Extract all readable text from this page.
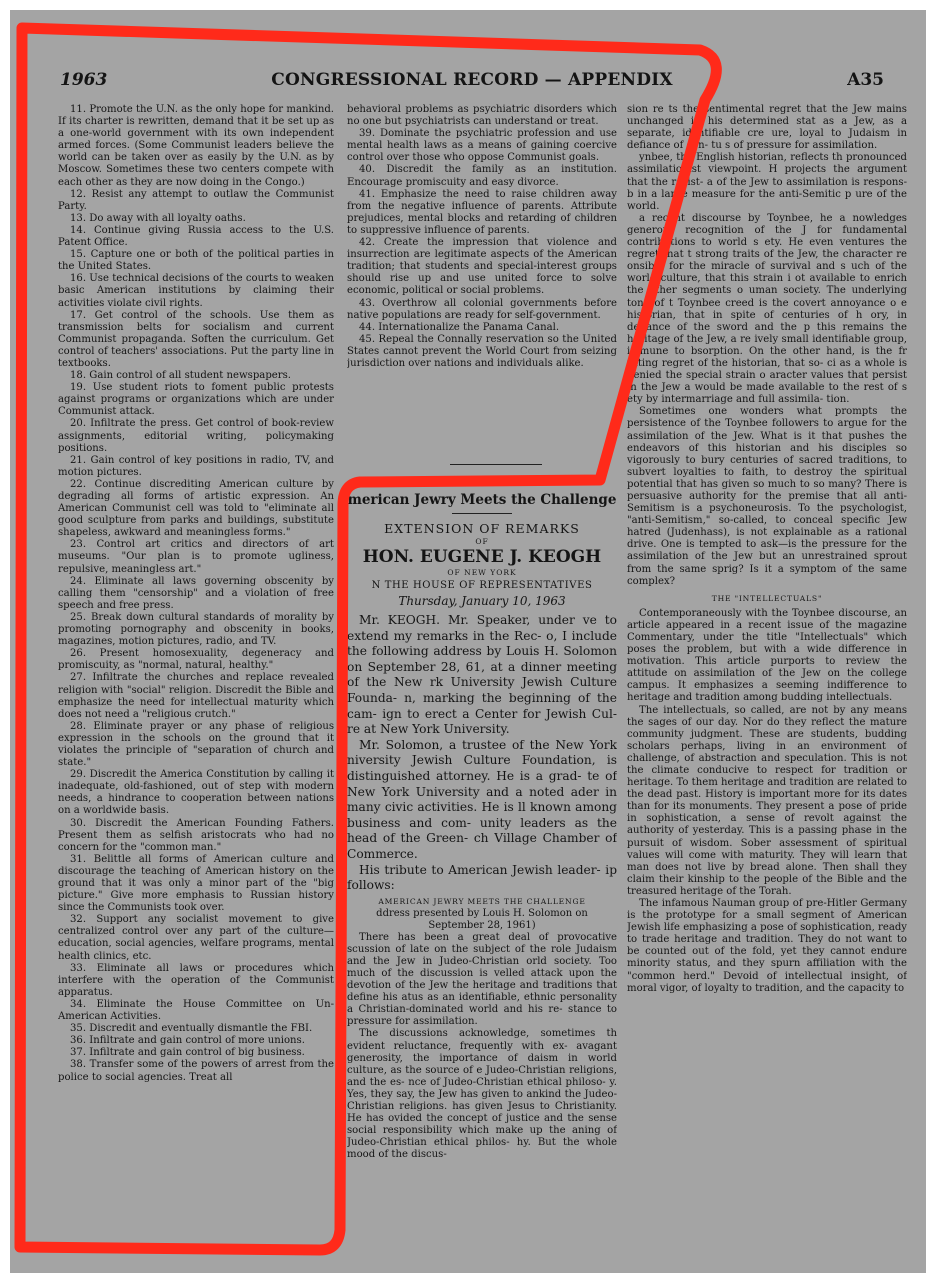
1963	CONGRESSIONAL RECORD — APPENDIX	A35

11. Promote the U.N. as the only hope for mankind. If its charter is rewritten, demand that it be set up as a one-world government with its own independent armed forces. (Some Communist leaders believe the world can be taken over as easily by the U.N. as by Moscow. Sometimes these two centers compete with each other as they are now doing in the Congo.)

12. Resist any attempt to outlaw the Communist Party.

13. Do away with all loyalty oaths.

14. Continue giving Russia access to the U.S. Patent Office.

15. Capture one or both of the political parties in the United States.

16. Use technical decisions of the courts to weaken basic American institutions by claiming their activities violate civil rights.

17. Get control of the schools. Use them as transmission belts for socialism and current Communist propaganda. Soften the curriculum. Get control of teachers' associations. Put the party line in textbooks.

18. Gain control of all student newspapers.

19. Use student riots to foment public protests against programs or organizations which are under Communist attack.

20. Infiltrate the press. Get control of book-review assignments, editorial writing, policymaking positions.

21. Gain control of key positions in radio, TV, and motion pictures.

22. Continue discrediting American culture by degrading all forms of artistic expression. An American Communist cell was told to "eliminate all good sculpture from parks and buildings, substitute shapeless, awkward and meaningless forms."

23. Control art critics and directors of art museums. "Our plan is to promote ugliness, repulsive, meaningless art."

24. Eliminate all laws governing obscenity by calling them "censorship" and a violation of free speech and free press.

25. Break down cultural standards of morality by promoting pornography and obscenity in books, magazines, motion pictures, radio, and TV.

26. Present homosexuality, degeneracy and promiscuity, as "normal, natural, healthy."

27. Infiltrate the churches and replace revealed religion with "social" religion. Discredit the Bible and emphasize the need for intellectual maturity which does not need a "religious crutch."

28. Eliminate prayer or any phase of religious expression in the schools on the ground that it violates the principle of "separation of church and state."

29. Discredit the America Constitution by calling it inadequate, old-fashioned, out of step with modern needs, a hindrance to cooperation between nations on a worldwide basis.

30. Discredit the American Founding Fathers. Present them as selfish aristocrats who had no concern for the "common man."

31. Belittle all forms of American culture and discourage the teaching of American history on the ground that it was only a minor part of the "big picture." Give more emphasis to Russian history since the Communists took over.

32. Support any socialist movement to give centralized control over any part of the culture—education, social agencies, welfare programs, mental health clinics, etc.

33. Eliminate all laws or procedures which interfere with the operation of the Communist apparatus.

34. Eliminate the House Committee on Un-American Activities.

35. Discredit and eventually dismantle the FBI.

36. Infiltrate and gain control of more unions.

37. Infiltrate and gain control of big business.

38. Transfer some of the powers of arrest from the police to social agencies. Treat all

behavioral problems as psychiatric disorders which no one but psychiatrists can understand or treat.

39. Dominate the psychiatric profession and use mental health laws as a means of gaining coercive control over those who oppose Communist goals.

40. Discredit the family as an institution. Encourage promiscuity and easy divorce.

41. Emphasize the need to raise children away from the negative influence of parents. Attribute prejudices, mental blocks and retarding of children to suppressive influence of parents.

42. Create the impression that violence and insurrection are legitimate aspects of the American tradition; that students and special-interest groups should rise up and use united force to solve economic, political or social problems.

43. Overthrow all colonial governments before native populations are ready for self-government.

44. Internationalize the Panama Canal.

45. Repeal the Connally reservation so the United States cannot prevent the World Court from seizing jurisdiction over nations and individuals alike.

merican Jewry Meets the Challenge

EXTENSION OF REMARKS

OF

HON. EUGENE J. KEOGH

OF NEW YORK

N THE HOUSE OF REPRESENTATIVES

Thursday, January 10, 1963

Mr. KEOGH. Mr. Speaker, under ve to extend my remarks in the Rec- o, I include the following address by Louis H. Solomon on September 28, 61, at a dinner meeting of the New rk University Jewish Culture Founda- n, marking the beginning of the cam- ign to erect a Center for Jewish Cul- re at New York University.

Mr. Solomon, a trustee of the New York niversity Jewish Culture Foundation, is distinguished attorney. He is a grad- te of New York University and a noted ader in many civic activities. He is ll known among business and com- unity leaders as the head of the Green- ch Village Chamber of Commerce.

His tribute to American Jewish leader- ip follows:

AMERICAN JEWRY MEETS THE CHALLENGE

ddress presented by Louis H. Solomon on September 28, 1961)

There has been a great deal of provocative scussion of late on the subject of the role Judaism and the Jew in Judeo-Christian orld society. Too much of the discussion is velled attack upon the devotion of the Jew the heritage and traditions that define his atus as an identifiable, ethnic personality a Christian-dominated world and his re- stance to pressure for assimilation.

The discussions acknowledge, sometimes th evident reluctance, frequently with ex- avagant generosity, the importance of daism in world culture, as the source of e Judeo-Christian religions, and the es- nce of Judeo-Christian ethical philoso- y. Yes, they say, the Jew has given to ankind the Judeo-Christian religions. has given Jesus to Christianity. He has ovided the concept of justice and the sense social responsibility which make up the aning of Judeo-Christian ethical philos- hy. But the whole mood of the discus-

sion re ts the sentimental regret that the Jew mains unchanged in his determined stat as a Jew, as a separate, identifiable cre ure, loyal to Judaism in defiance of cen- tu s of pressure for assimilation.

ynbee, the English historian, reflects th pronounced assimilationist viewpoint. H projects the argument that the resist- a of the Jew to assimilation is respons- b in a large measure for the anti-Semitic p ure of the world.

a recent discourse by Toynbee, he a nowledges generous recognition of the J for fundamental contributions to world s ety. He even ventures the regret that t strong traits of the Jew, the character re onsible for the miracle of survival and s uch of the world culture, that this strain i ot available to enrich the other segments o uman society. The underlying tone of t Toynbee creed is the covert annoyance o e historian, that in spite of centuries of h ory, in defiance of the sword and the p this remains the heritage of the Jew, a re ively small identifiable group, immune to bsorption. On the other hand, is the fr rating regret of the historian, that so- ci as a whole is denied the special strain o aracter values that persist in the Jew a would be made available to the rest of s ety by intermarriage and full assimila- tion.

Sometimes one wonders what prompts the persistence of the Toynbee followers to argue for the assimilation of the Jew. What is it that pushes the endeavors of this historian and his disciples so vigorously to bury centuries of sacred traditions, to subvert loyalties to faith, to destroy the spiritual potential that has given so much to so many? There is persuasive authority for the premise that all anti-Semitism is a psychoneurosis. To the psychologist, "anti-Semitism," so-called, to conceal specific Jew hatred (Judenhass), is not explainable as a rational drive. One is tempted to ask—is the pressure for the assimilation of the Jew but an unrestrained sprout from the same sprig? Is it a symptom of the same complex?

THE "INTELLECTUALS"

Contemporaneously with the Toynbee discourse, an article appeared in a recent issue of the magazine Commentary, under the title "Intellectuals" which poses the problem, but with a wide difference in motivation. This article purports to review the attitude on assimilation of the Jew on the college campus. It emphasizes a seeming indifference to heritage and tradition among budding intellectuals.

The intellectuals, so called, are not by any means the sages of our day. Nor do they reflect the mature community judgment. These are students, budding scholars perhaps, living in an environment of challenge, of abstraction and speculation. This is not the climate conducive to respect for tradition or heritage. To them heritage and tradition are related to the dead past. History is important more for its dates than for its monuments. They present a pose of pride in sophistication, a sense of revolt against the authority of yesterday. This is a passing phase in the pursuit of wisdom. Sober assessment of spiritual values will come with maturity. They will learn that man does not live by bread alone. Then shall they claim their kinship to the people of the Bible and the treasured heritage of the Torah.

The infamous Nauman group of pre-Hitler Germany is the prototype for a small segment of American Jewish life emphasizing a pose of sophistication, ready to trade heritage and tradition. They do not want to be counted out of the fold, yet they cannot endure minority status, and they spurn affiliation with the "common herd." Devoid of intellectual insight, of moral vigor, of loyalty to tradition, and the capacity to
